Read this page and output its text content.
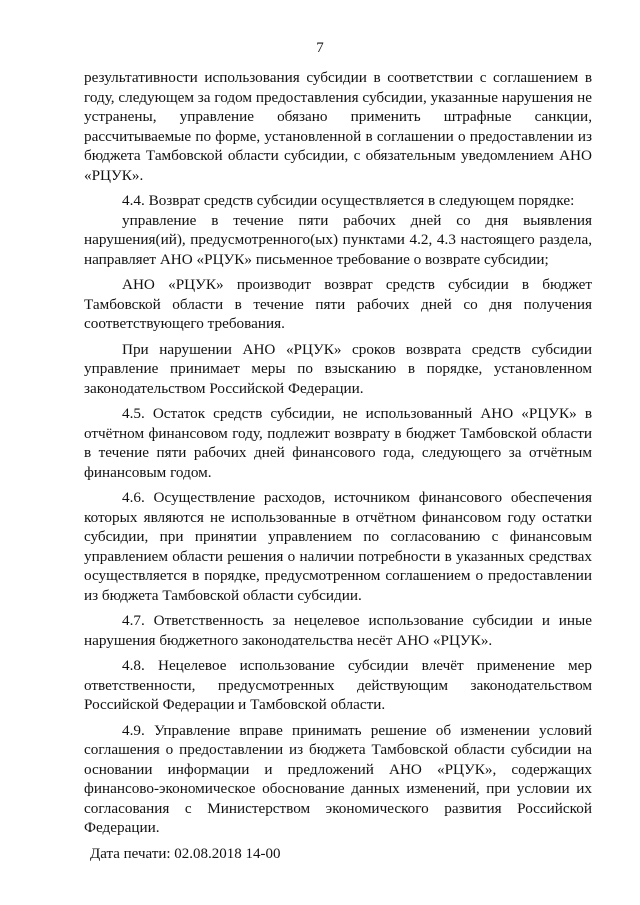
7

результативности использования субсидии в соответствии с соглашением в году, следующем за годом предоставления субсидии, указанные нарушения не устранены, управление обязано применить штрафные санкции, рассчитываемые по форме, установленной в соглашении о предоставлении из бюджета Тамбовской области субсидии, с обязательным уведомлением АНО «РЦУК».

4.4. Возврат средств субсидии осуществляется в следующем порядке:

управление в течение пяти рабочих дней со дня выявления нарушения(ий), предусмотренного(ых) пунктами 4.2, 4.3 настоящего раздела, направляет АНО «РЦУК» письменное требование о возврате субсидии;

АНО «РЦУК» производит возврат средств субсидии в бюджет Тамбовской области в течение пяти рабочих дней со дня получения соответствующего требования.

При нарушении АНО «РЦУК» сроков возврата средств субсидии управление принимает меры по взысканию в порядке, установленном законодательством Российской Федерации.

4.5. Остаток средств субсидии, не использованный АНО «РЦУК» в отчётном финансовом году, подлежит возврату в бюджет Тамбовской области в течение пяти рабочих дней финансового года, следующего за отчётным финансовым годом.

4.6. Осуществление расходов, источником финансового обеспечения которых являются не использованные в отчётном финансовом году остатки субсидии, при принятии управлением по согласованию с финансовым управлением области решения о наличии потребности в указанных средствах осуществляется в порядке, предусмотренном соглашением о предоставлении из бюджета Тамбовской области субсидии.

4.7. Ответственность за нецелевое использование субсидии и иные нарушения бюджетного законодательства несёт АНО «РЦУК».

4.8. Нецелевое использование субсидии влечёт применение мер ответственности, предусмотренных действующим законодательством Российской Федерации и Тамбовской области.

4.9. Управление вправе принимать решение об изменении условий соглашения о предоставлении из бюджета Тамбовской области субсидии на основании информации и предложений АНО «РЦУК», содержащих финансово-экономическое обоснование данных изменений, при условии их согласования с Министерством экономического развития Российской Федерации.

Дата печати: 02.08.2018 14-00
